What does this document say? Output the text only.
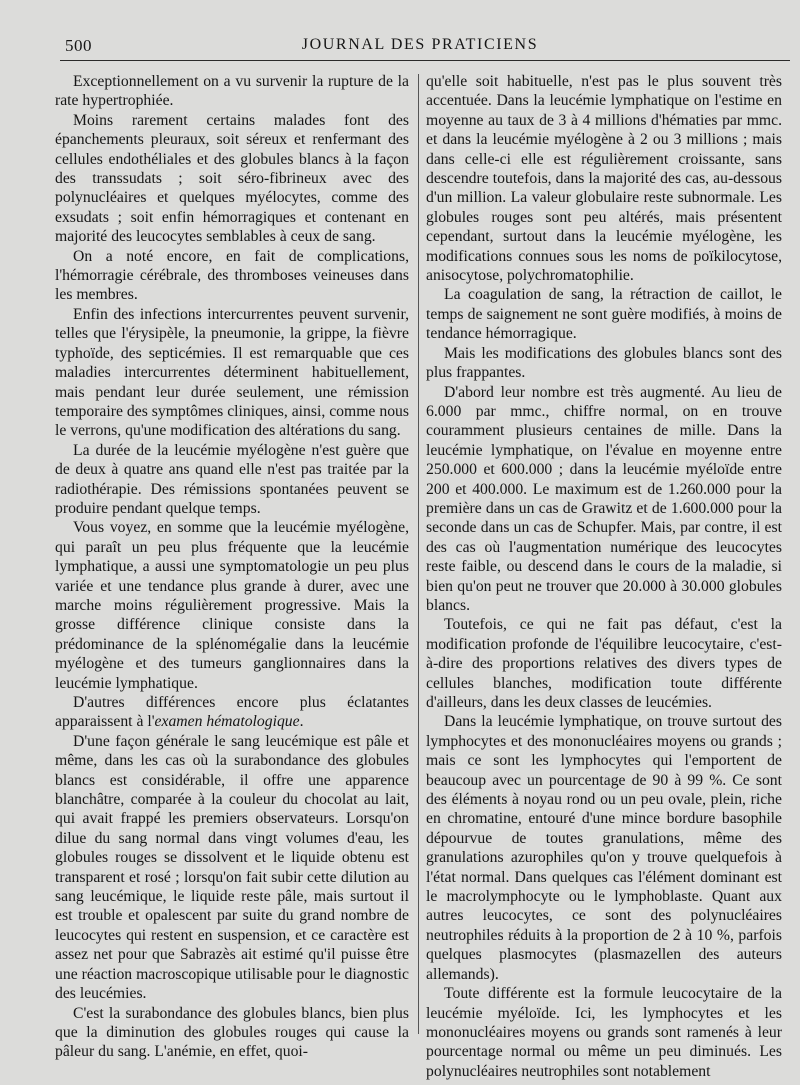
500	JOURNAL DES PRATICIENS

Exceptionnellement on a vu survenir la rupture de la rate hypertrophiée.

Moins rarement certains malades font des épanchements pleuraux, soit séreux et renfermant des cellules endothéliales et des globules blancs à la façon des transsudats ; soit séro-fibrineux avec des polynucléaires et quelques myélocytes, comme des exsudats ; soit enfin hémorragiques et contenant en majorité des leucocytes semblables à ceux de sang.

On a noté encore, en fait de complications, l'hémorragie cérébrale, des thromboses veineuses dans les membres.

Enfin des infections intercurrentes peuvent survenir, telles que l'érysipèle, la pneumonie, la grippe, la fièvre typhoïde, des septicémies. Il est remarquable que ces maladies intercurrentes déterminent habituellement, mais pendant leur durée seulement, une rémission temporaire des symptômes cliniques, ainsi, comme nous le verrons, qu'une modification des altérations du sang.

La durée de la leucémie myélogène n'est guère que de deux à quatre ans quand elle n'est pas traitée par la radiothérapie. Des rémissions spontanées peuvent se produire pendant quelque temps.

Vous voyez, en somme que la leucémie myélogène, qui paraît un peu plus fréquente que la leucémie lymphatique, a aussi une symptomatologie un peu plus variée et une tendance plus grande à durer, avec une marche moins régulièrement progressive. Mais la grosse différence clinique consiste dans la prédominance de la splénomégalie dans la leucémie myélogène et des tumeurs ganglionnaires dans la leucémie lymphatique.

D'autres différences encore plus éclatantes apparaissent à l'examen hématologique.

D'une façon générale le sang leucémique est pâle et même, dans les cas où la surabondance des globules blancs est considérable, il offre une apparence blanchâtre, comparée à la couleur du chocolat au lait, qui avait frappé les premiers observateurs. Lorsqu'on dilue du sang normal dans vingt volumes d'eau, les globules rouges se dissolvent et le liquide obtenu est transparent et rosé ; lorsqu'on fait subir cette dilution au sang leucémique, le liquide reste pâle, mais surtout il est trouble et opalescent par suite du grand nombre de leucocytes qui restent en suspension, et ce caractère est assez net pour que Sabrazès ait estimé qu'il puisse être une réaction macroscopique utilisable pour le diagnostic des leucémies.

C'est la surabondance des globules blancs, bien plus que la diminution des globules rouges qui cause la pâleur du sang. L'anémie, en effet, quoi-

qu'elle soit habituelle, n'est pas le plus souvent très accentuée. Dans la leucémie lymphatique on l'estime en moyenne au taux de 3 à 4 millions d'hématies par mmc. et dans la leucémie myélogène à 2 ou 3 millions ; mais dans celle-ci elle est régulièrement croissante, sans descendre toutefois, dans la majorité des cas, au-dessous d'un million. La valeur globulaire reste subnormale. Les globules rouges sont peu altérés, mais présentent cependant, surtout dans la leucémie myélogène, les modifications connues sous les noms de poïkilocytose, anisocytose, polychromatophilie.

La coagulation de sang, la rétraction de caillot, le temps de saignement ne sont guère modifiés, à moins de tendance hémorragique.

Mais les modifications des globules blancs sont des plus frappantes.

D'abord leur nombre est très augmenté. Au lieu de 6.000 par mmc., chiffre normal, on en trouve couramment plusieurs centaines de mille. Dans la leucémie lymphatique, on l'évalue en moyenne entre 250.000 et 600.000 ; dans la leucémie myéloïde entre 200 et 400.000. Le maximum est de 1.260.000 pour la première dans un cas de Grawitz et de 1.600.000 pour la seconde dans un cas de Schupfer. Mais, par contre, il est des cas où l'augmentation numérique des leucocytes reste faible, ou descend dans le cours de la maladie, si bien qu'on peut ne trouver que 20.000 à 30.000 globules blancs.

Toutefois, ce qui ne fait pas défaut, c'est la modification profonde de l'équilibre leucocytaire, c'est-à-dire des proportions relatives des divers types de cellules blanches, modification toute différente d'ailleurs, dans les deux classes de leucémies.

Dans la leucémie lymphatique, on trouve surtout des lymphocytes et des mononucléaires moyens ou grands ; mais ce sont les lymphocytes qui l'emportent de beaucoup avec un pourcentage de 90 à 99 %. Ce sont des éléments à noyau rond ou un peu ovale, plein, riche en chromatine, entouré d'une mince bordure basophile dépourvue de toutes granulations, même des granulations azurophiles qu'on y trouve quelquefois à l'état normal. Dans quelques cas l'élément dominant est le macrolymphocyte ou le lymphoblaste. Quant aux autres leucocytes, ce sont des polynucléaires neutrophiles réduits à la proportion de 2 à 10 %, parfois quelques plasmocytes (plasmazellen des auteurs allemands).

Toute différente est la formule leucocytaire de la leucémie myéloïde. Ici, les lymphocytes et les mononucléaires moyens ou grands sont ramenés à leur pourcentage normal ou même un peu diminués. Les polynucléaires neutrophiles sont notablement
